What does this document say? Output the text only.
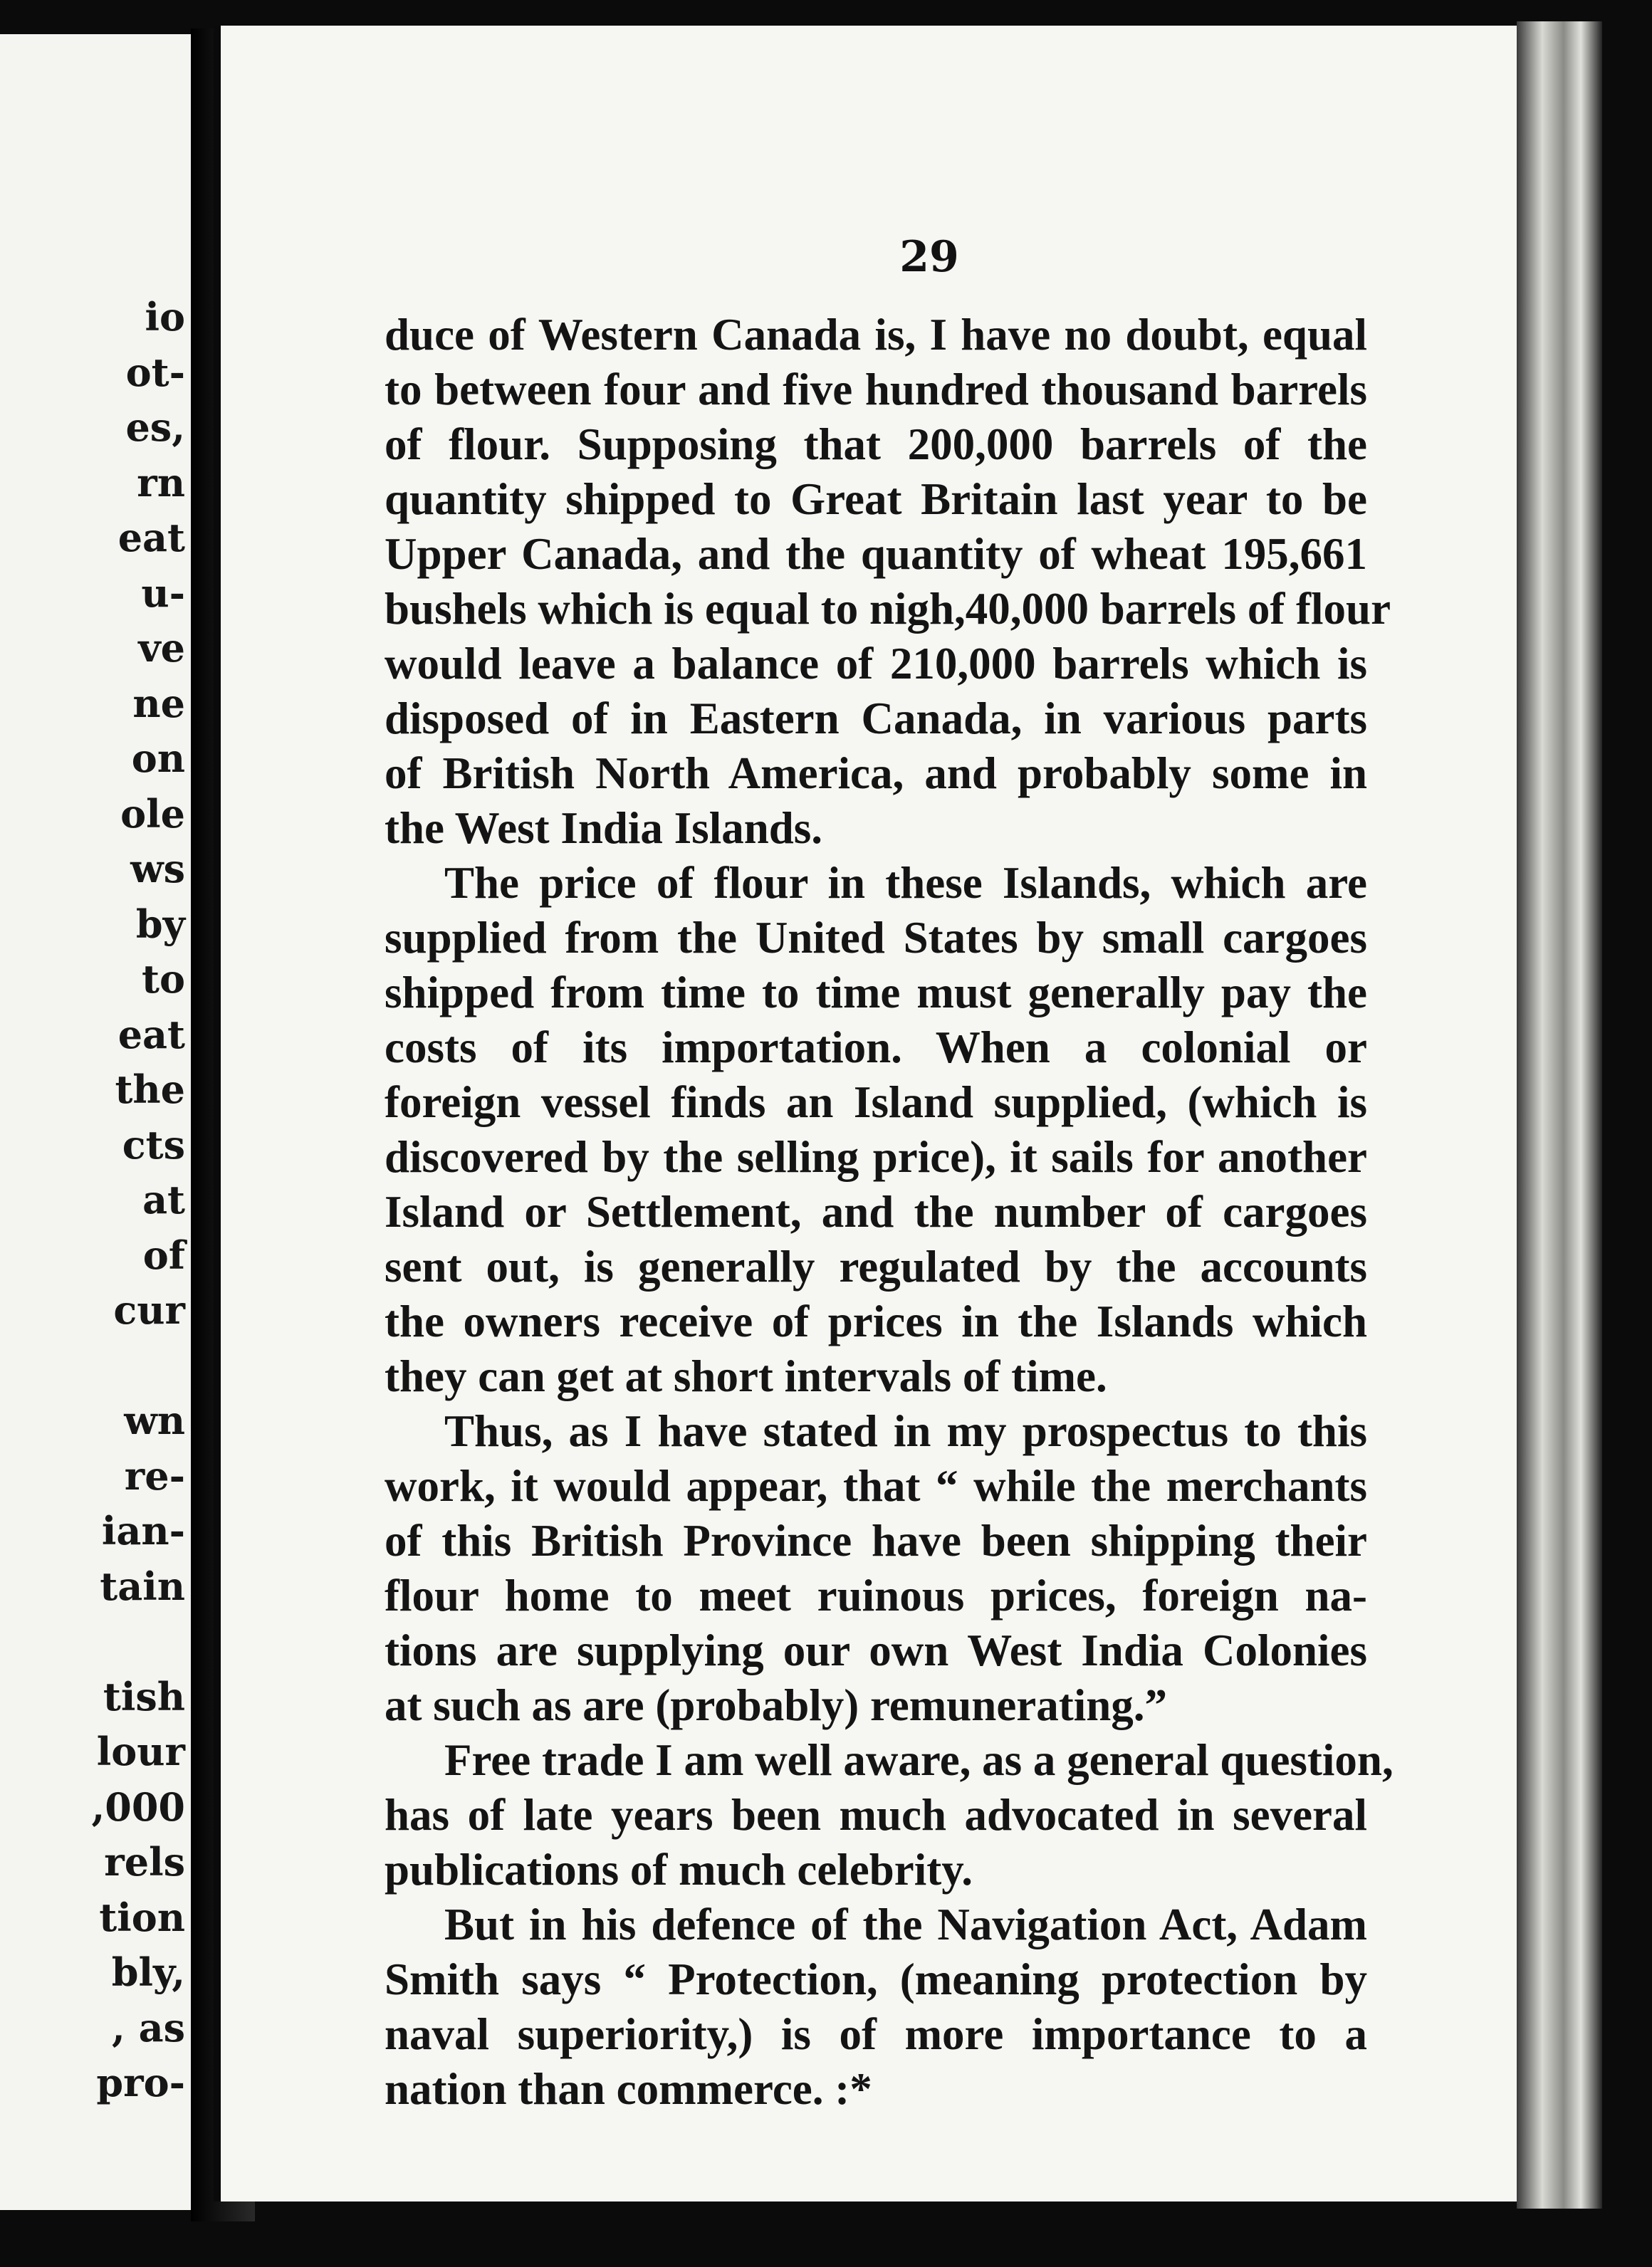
io
ot-
es,
rn
eat
u-
ve
ne
on
ole
ws
by
to
eat
the
cts
at
of
cur
wn
re-
ian-
tain
tish
lour
,000
rels
tion
bly,
, as
pro-
29
duce of Western Canada is, I have no doubt, equal
to between four and five hundred thousand barrels
of flour. Supposing that 200,000 barrels of the
quantity shipped to Great Britain last year to be
Upper Canada, and the quantity of wheat 195,661
bushels which is equal to nigh,40,000 barrels of flour
would leave a balance of 210,000 barrels which is
disposed of in Eastern Canada, in various parts
of British North America, and probably some in
the West India Islands.
The price of flour in these Islands, which are
supplied from the United States by small cargoes
shipped from time to time must generally pay the
costs of its importation. When a colonial or
foreign vessel finds an Island supplied, (which is
discovered by the selling price), it sails for another
Island or Settlement, and the number of cargoes
sent out, is generally regulated by the accounts
the owners receive of prices in the Islands which
they can get at short intervals of time.
Thus, as I have stated in my prospectus to this
work, it would appear, that “ while the merchants
of this British Province have been shipping their
flour home to meet ruinous prices, foreign na-
tions are supplying our own West India Colonies
at such as are (probably) remunerating.”
Free trade I am well aware, as a general question,
has of late years been much advocated in several
publications of much celebrity.
But in his defence of the Navigation Act, Adam
Smith says “ Protection, (meaning protection by
naval superiority,) is of more importance to a
nation than commerce. :*
